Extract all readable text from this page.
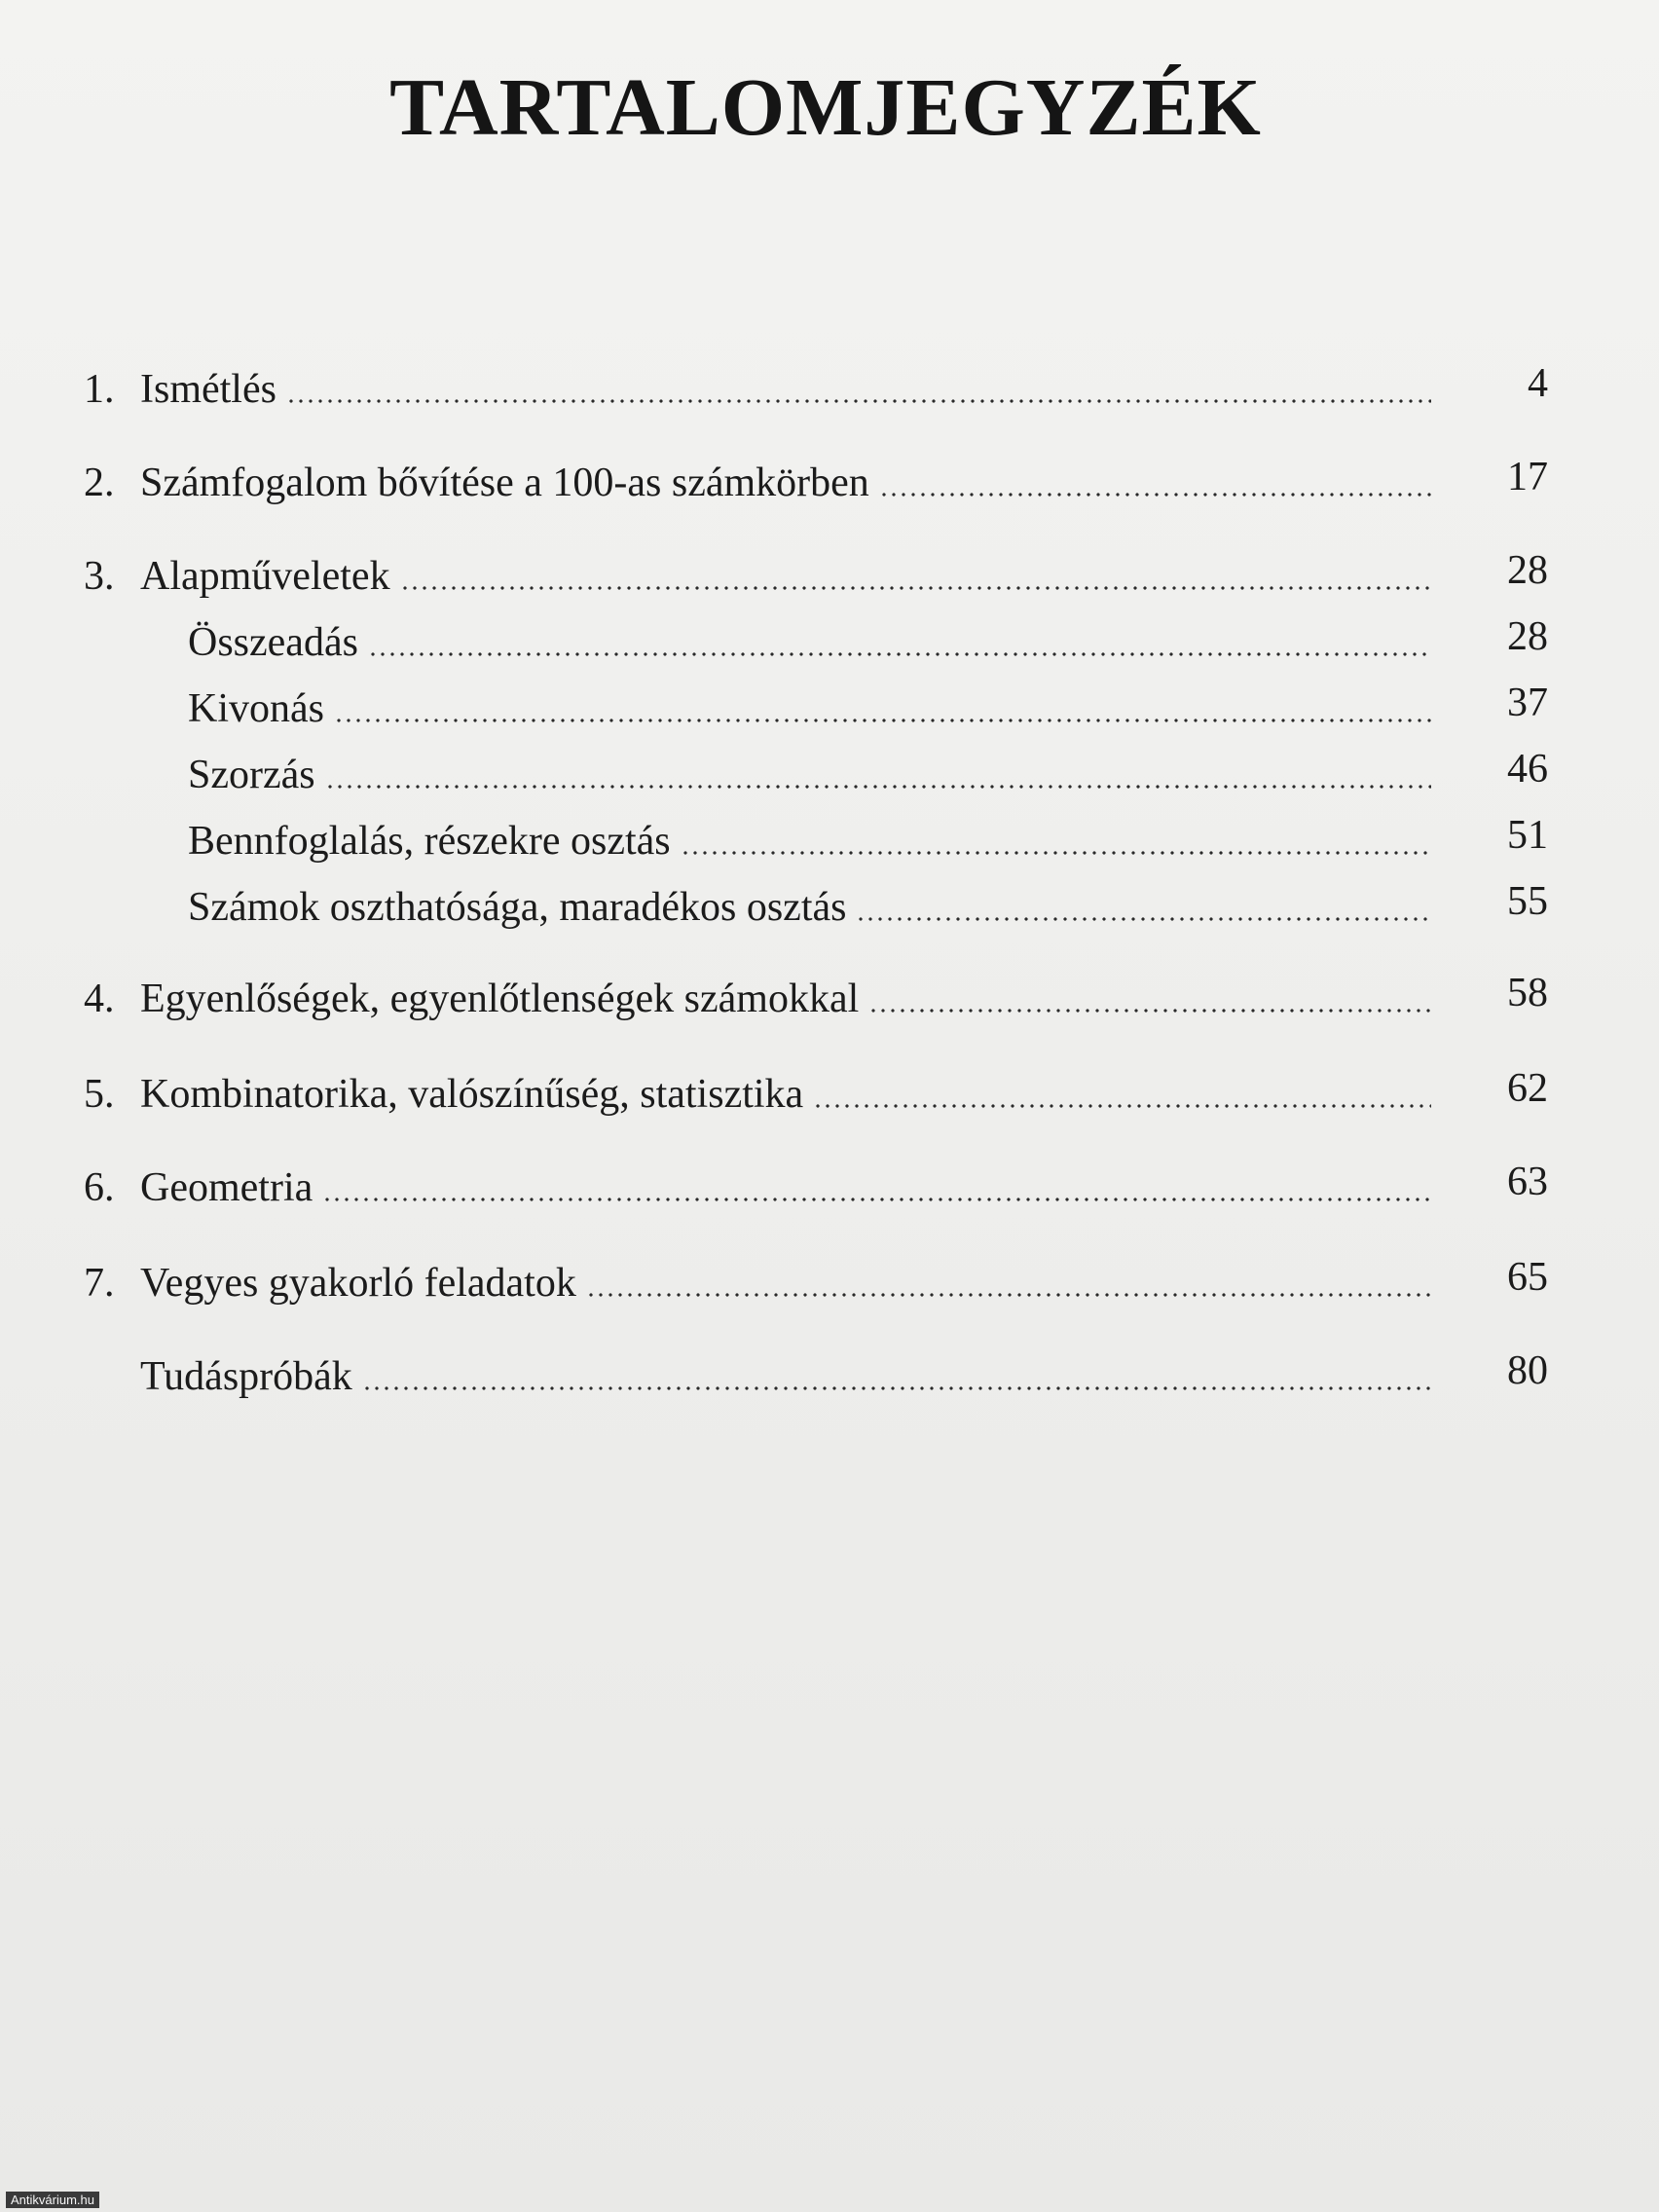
TARTALOMJEGYZÉK
1. Ismétlés	4
2. Számfogalom bővítése a 100-as számkörben	17
3. Alapműveletek	28
Összeadás	28
Kivonás	37
Szorzás	46
Bennfoglalás, részekre osztás	51
Számok oszthatósága, maradékos osztás	55
4. Egyenlőségek, egyenlőtlenségek számokkal	58
5. Kombinatorika, valószínűség, statisztika	62
6. Geometria	63
7. Vegyes gyakorló feladatok	65
Tudáspróbák	80
Antikvárium.hu
